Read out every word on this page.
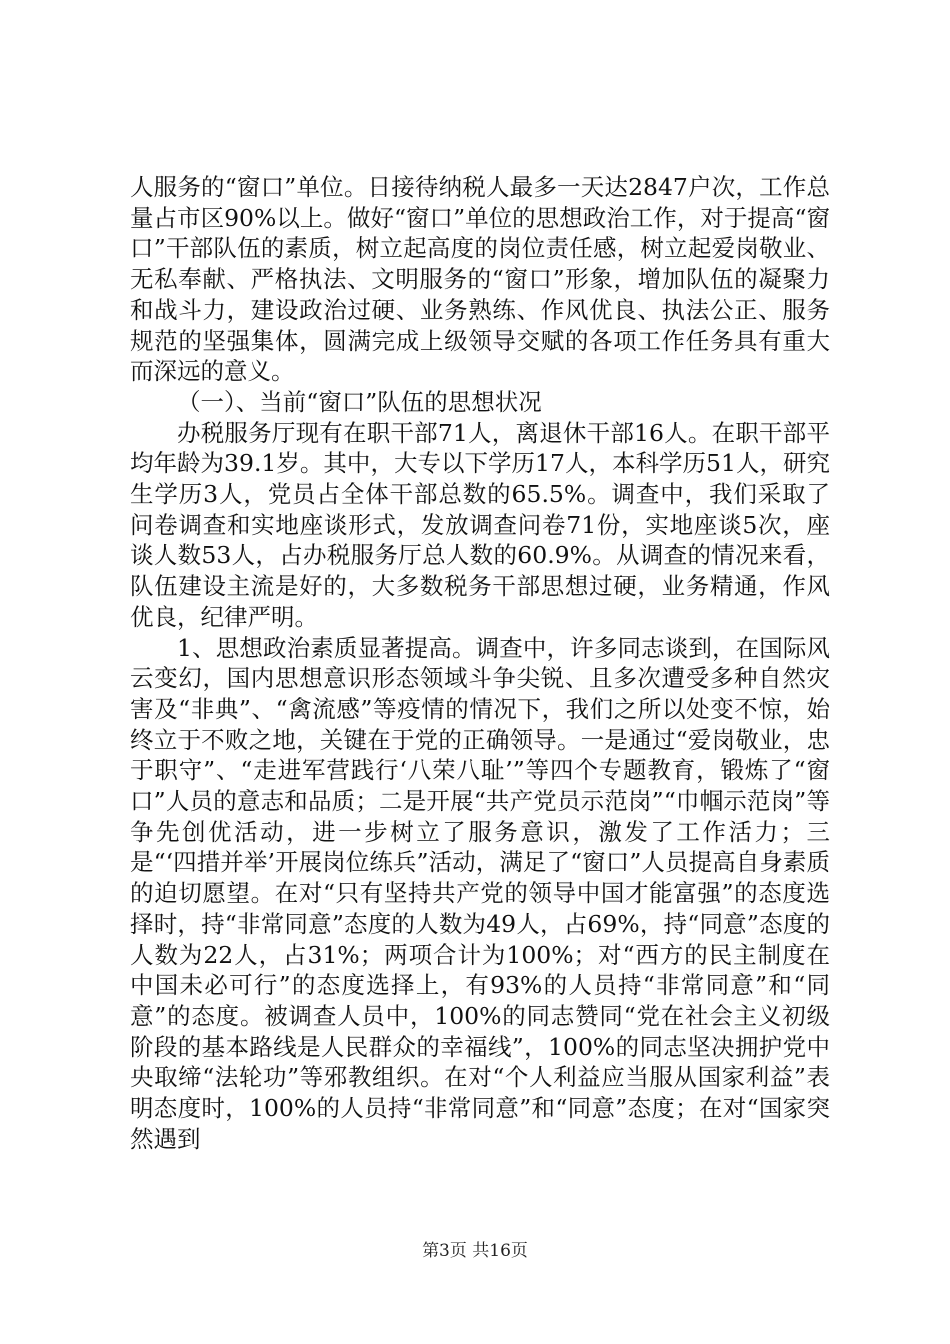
人服务的“窗口”单位。日接待纳税人最多一天达2847户次，工作总量占市区90%以上。做好“窗口”单位的思想政治工作，对于提高“窗口”干部队伍的素质，树立起高度的岗位责任感，树立起爱岗敬业、无私奉献、严格执法、文明服务的“窗口”形象，增加队伍的凝聚力和战斗力，建设政治过硬、业务熟练、作风优良、执法公正、服务规范的坚强集体，圆满完成上级领导交赋的各项工作任务具有重大而深远的意义。

（一）、当前“窗口”队伍的思想状况

办税服务厅现有在职干部71人，离退休干部16人。在职干部平均年龄为39.1岁。其中，大专以下学历17人，本科学历51人，研究生学历3人，党员占全体干部总数的65.5%。调查中，我们采取了问卷调查和实地座谈形式，发放调查问卷71份，实地座谈5次，座谈人数53人，占办税服务厅总人数的60.9%。从调查的情况来看，队伍建设主流是好的，大多数税务干部思想过硬，业务精通，作风优良，纪律严明。

1、思想政治素质显著提高。调查中，许多同志谈到，在国际风云变幻，国内思想意识形态领域斗争尖锐、且多次遭受多种自然灾害及“非典”、“禽流感”等疫情的情况下，我们之所以处变不惊，始终立于不败之地，关键在于党的正确领导。一是通过“爱岗敬业，忠于职守”、“走进军营践行‘八荣八耻’”等四个专题教育，锻炼了“窗口”人员的意志和品质；二是开展“共产党员示范岗”“巾帼示范岗”等争先创优活动，进一步树立了服务意识，激发了工作活力；三是“‘四措并举’开展岗位练兵”活动，满足了“窗口”人员提高自身素质的迫切愿望。在对“只有坚持共产党的领导中国才能富强”的态度选择时，持“非常同意”态度的人数为49人，占69%，持“同意”态度的人数为22人，占31%；两项合计为100%；对“西方的民主制度在中国未必可行”的态度选择上，有93%的人员持“非常同意”和“同意”的态度。被调查人员中，100%的同志赞同“党在社会主义初级阶段的基本路线是人民群众的幸福线”，100%的同志坚决拥护党中央取缔“法轮功”等邪教组织。在对“个人利益应当服从国家利益”表明态度时，100%的人员持“非常同意”和“同意”态度；在对“国家突然遇到

第3页 共16页
